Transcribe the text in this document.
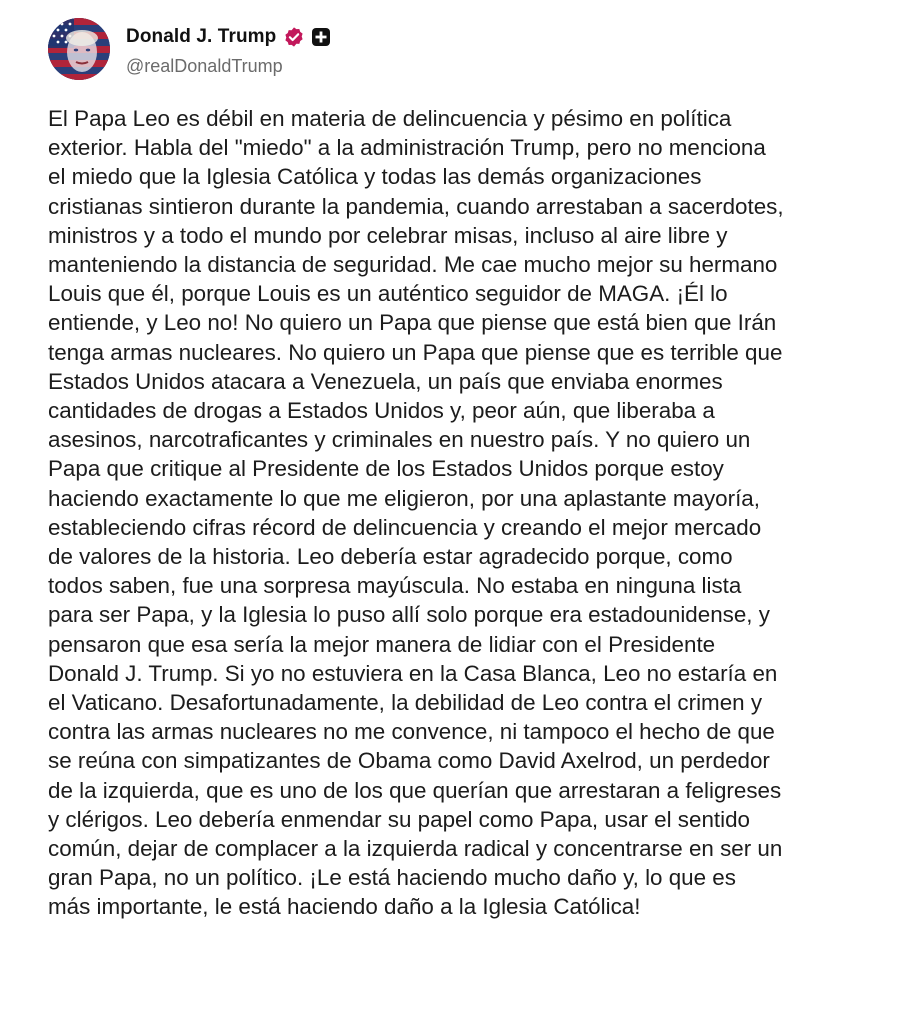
Donald J. Trump
@realDonaldTrump

El Papa Leo es débil en materia de delincuencia y pésimo en política
exterior. Habla del "miedo" a la administración Trump, pero no menciona
el miedo que la Iglesia Católica y todas las demás organizaciones
cristianas sintieron durante la pandemia, cuando arrestaban a sacerdotes,
ministros y a todo el mundo por celebrar misas, incluso al aire libre y
manteniendo la distancia de seguridad. Me cae mucho mejor su hermano
Louis que él, porque Louis es un auténtico seguidor de MAGA. ¡Él lo
entiende, y Leo no! No quiero un Papa que piense que está bien que Irán
tenga armas nucleares. No quiero un Papa que piense que es terrible que
Estados Unidos atacara a Venezuela, un país que enviaba enormes
cantidades de drogas a Estados Unidos y, peor aún, que liberaba a
asesinos, narcotraficantes y criminales en nuestro país. Y no quiero un
Papa que critique al Presidente de los Estados Unidos porque estoy
haciendo exactamente lo que me eligieron, por una aplastante mayoría,
estableciendo cifras récord de delincuencia y creando el mejor mercado
de valores de la historia. Leo debería estar agradecido porque, como
todos saben, fue una sorpresa mayúscula. No estaba en ninguna lista
para ser Papa, y la Iglesia lo puso allí solo porque era estadounidense, y
pensaron que esa sería la mejor manera de lidiar con el Presidente
Donald J. Trump. Si yo no estuviera en la Casa Blanca, Leo no estaría en
el Vaticano. Desafortunadamente, la debilidad de Leo contra el crimen y
contra las armas nucleares no me convence, ni tampoco el hecho de que
se reúna con simpatizantes de Obama como David Axelrod, un perdedor
de la izquierda, que es uno de los que querían que arrestaran a feligreses
y clérigos. Leo debería enmendar su papel como Papa, usar el sentido
común, dejar de complacer a la izquierda radical y concentrarse en ser un
gran Papa, no un político. ¡Le está haciendo mucho daño y, lo que es
más importante, le está haciendo daño a la Iglesia Católica!
